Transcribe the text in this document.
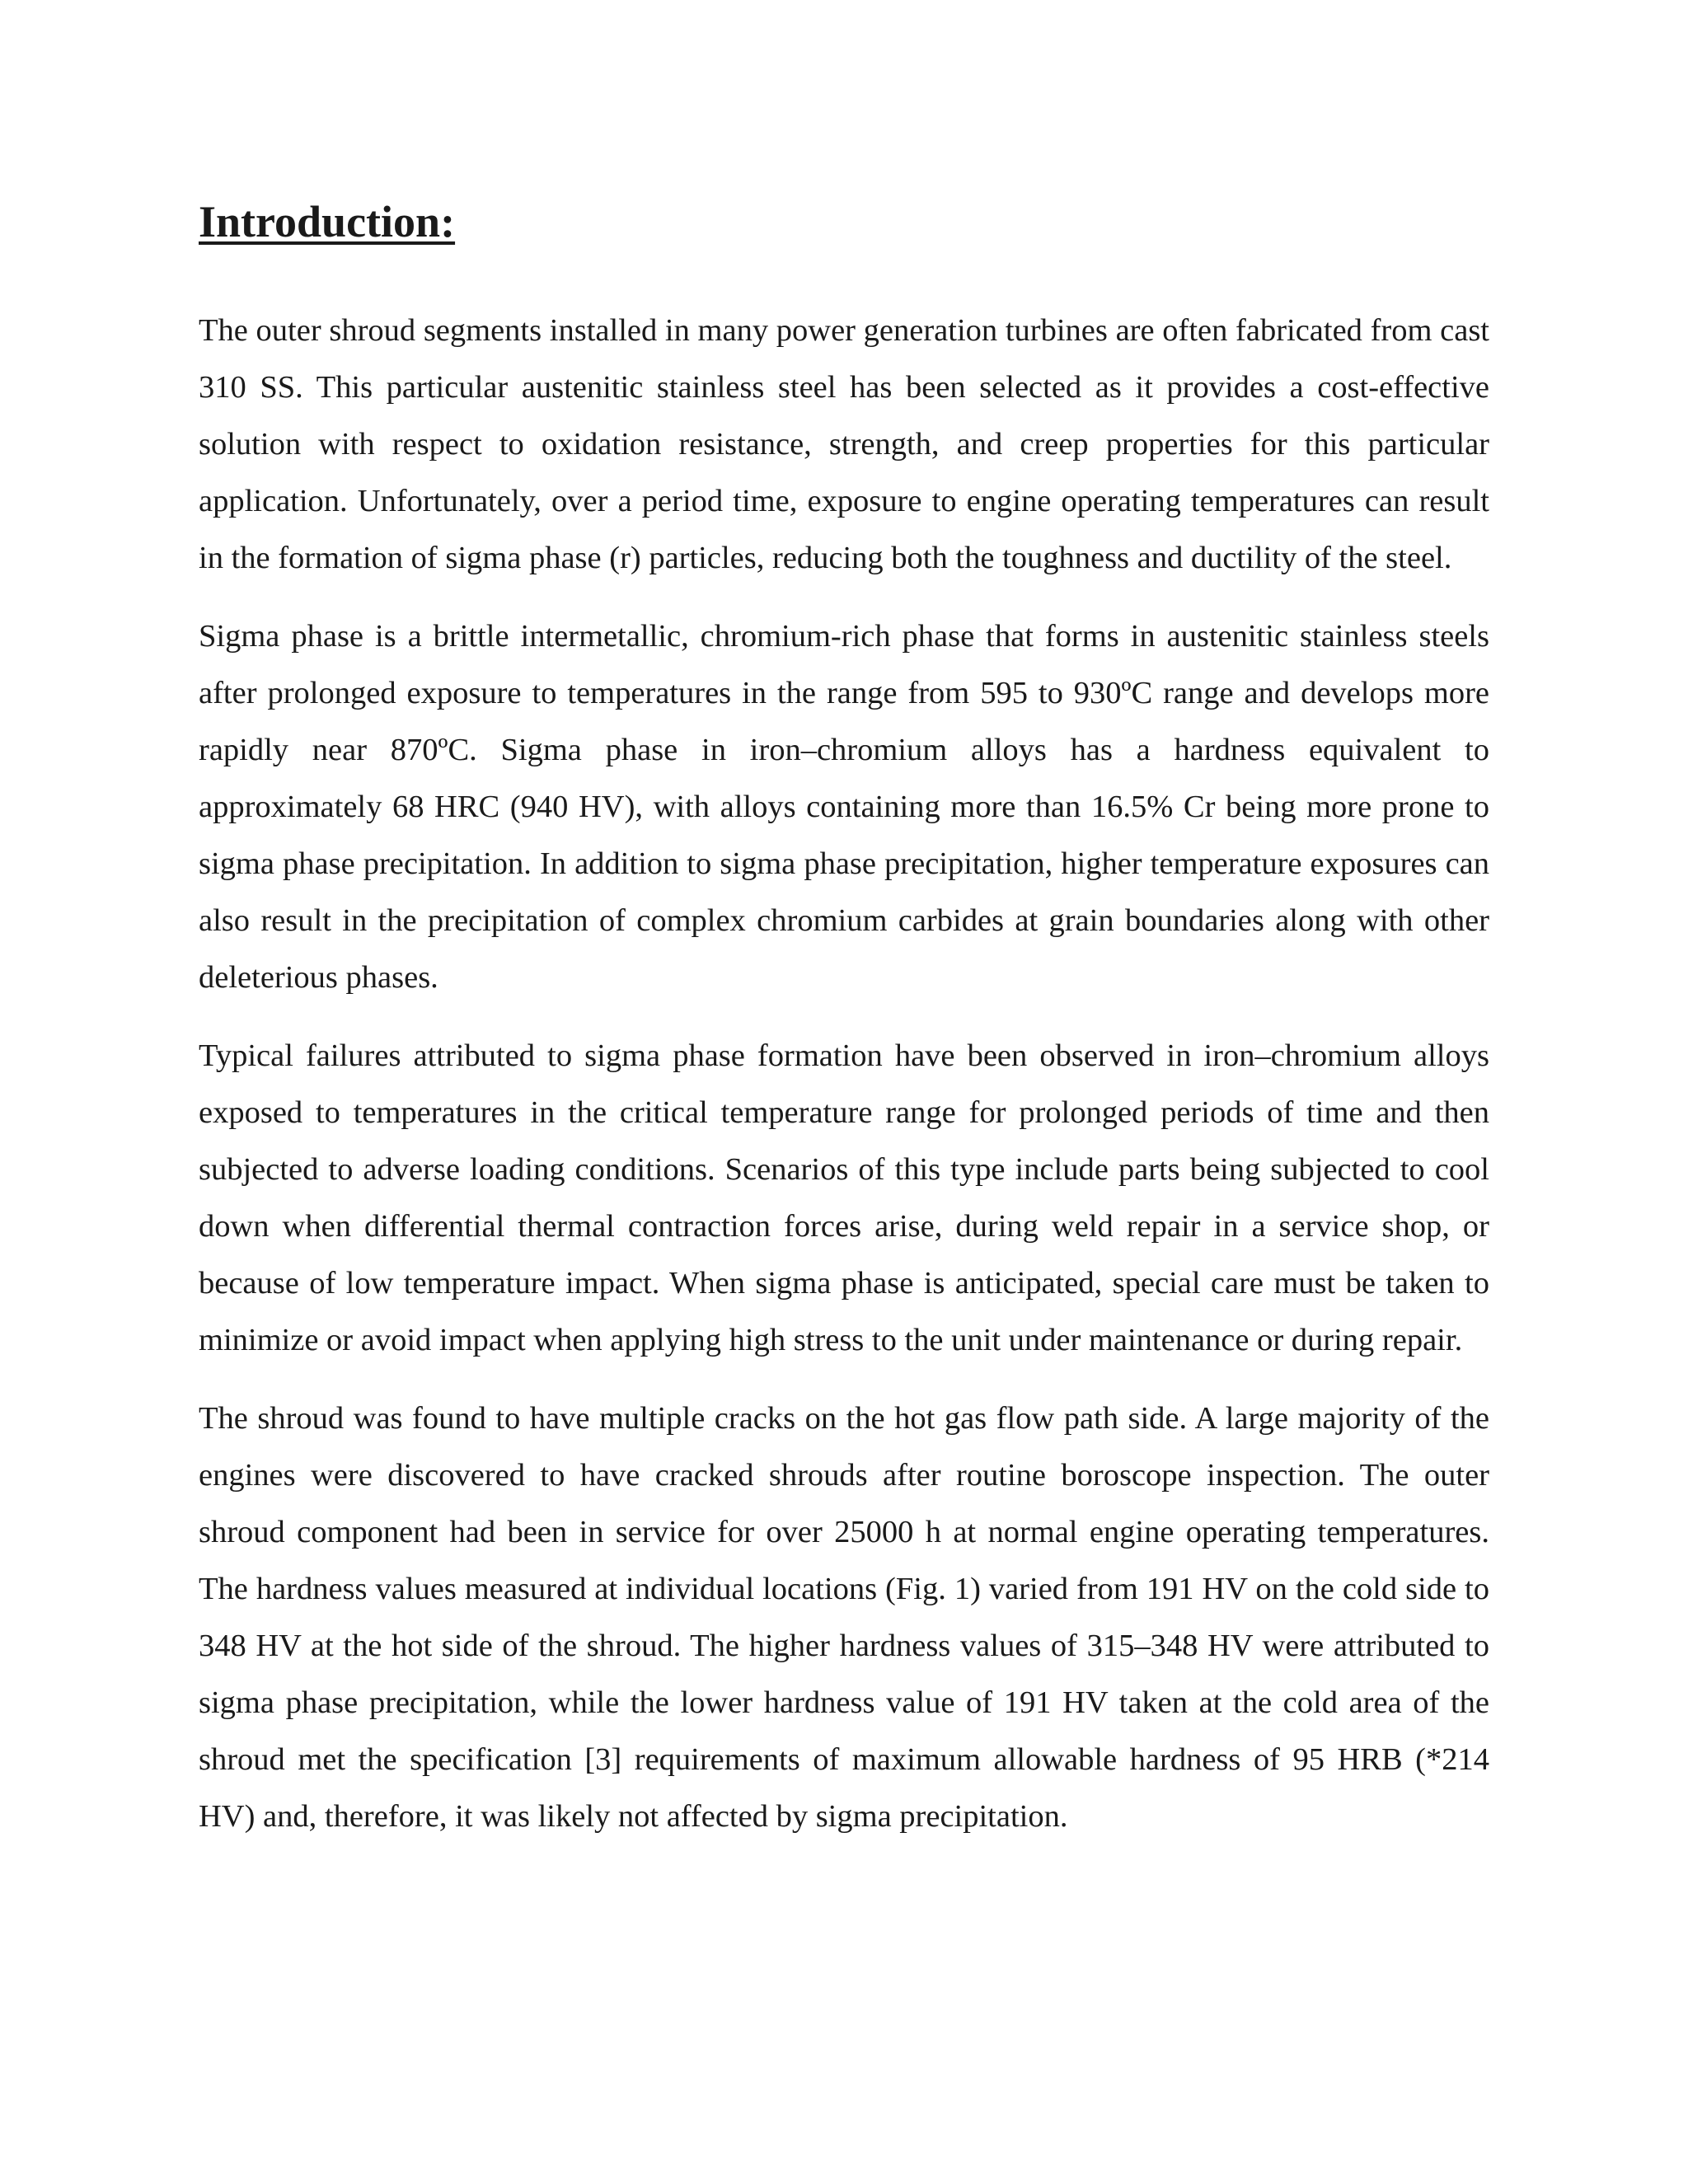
Introduction:

The outer shroud segments installed in many power generation turbines are often fabricated from cast 310 SS. This particular austenitic stainless steel has been selected as it provides a cost-effective solution with respect to oxidation resistance, strength, and creep properties for this particular application. Unfortunately, over a period time, exposure to engine operating temperatures can result in the formation of sigma phase (r) particles, reducing both the toughness and ductility of the steel.

Sigma phase is a brittle intermetallic, chromium-rich phase that forms in austenitic stainless steels after prolonged exposure to temperatures in the range from 595 to 930ºC range and develops more rapidly near 870ºC. Sigma phase in iron–chromium alloys has a hardness equivalent to approximately 68 HRC (940 HV), with alloys containing more than 16.5% Cr being more prone to sigma phase precipitation. In addition to sigma phase precipitation, higher temperature exposures can also result in the precipitation of complex chromium carbides at grain boundaries along with other deleterious phases.

Typical failures attributed to sigma phase formation have been observed in iron–chromium alloys exposed to temperatures in the critical temperature range for prolonged periods of time and then subjected to adverse loading conditions. Scenarios of this type include parts being subjected to cool down when differential thermal contraction forces arise, during weld repair in a service shop, or because of low temperature impact. When sigma phase is anticipated, special care must be taken to minimize or avoid impact when applying high stress to the unit under maintenance or during repair.

The shroud was found to have multiple cracks on the hot gas flow path side. A large majority of the engines were discovered to have cracked shrouds after routine boroscope inspection. The outer shroud component had been in service for over 25000 h at normal engine operating temperatures. The hardness values measured at individual locations (Fig. 1) varied from 191 HV on the cold side to 348 HV at the hot side of the shroud. The higher hardness values of 315–348 HV were attributed to sigma phase precipitation, while the lower hardness value of 191 HV taken at the cold area of the shroud met the specification [3] requirements of maximum allowable hardness of 95 HRB (*214 HV) and, therefore, it was likely not affected by sigma precipitation.
